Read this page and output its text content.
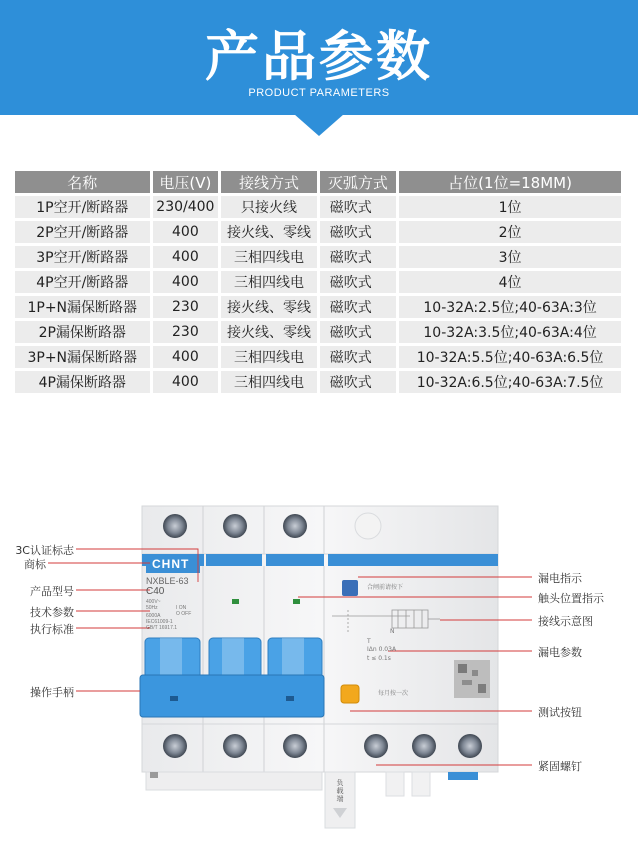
产品参数
PRODUCT PARAMETERS
名称	电压(V)	接线方式	灭弧方式	占位(1位=18MM)
1P空开/断路器	230/400	只接火线	磁吹式	1位
2P空开/断路器	400	接火线、零线	磁吹式	2位
3P空开/断路器	400	三相四线电	磁吹式	3位
4P空开/断路器	400	三相四线电	磁吹式	4位
1P+N漏保断路器	230	接火线、零线	磁吹式	10-32A:2.5位;40-63A:3位
2P漏保断路器	230	接火线、零线	磁吹式	10-32A:3.5位;40-63A:4位
3P+N漏保断路器	400	三相四线电	磁吹式	10-32A:5.5位;40-63A:6.5位
4P漏保断路器	400	三相四线电	磁吹式	10-32A:6.5位;40-63A:7.5位
CHNT
NXBLE-63
C40
400V~
50Hz
6000A
IEC61009-1
GB/T 16917.1
I ON
O OFF
合闸前请按下
T
IΔn 0.03A
t ≤ 0.1s
每月按一次
N
负载端
3C认证标志
商标
产品型号
技术参数
执行标准
操作手柄
漏电指示
触头位置指示
接线示意图
漏电参数
测试按钮
紧固螺钉
